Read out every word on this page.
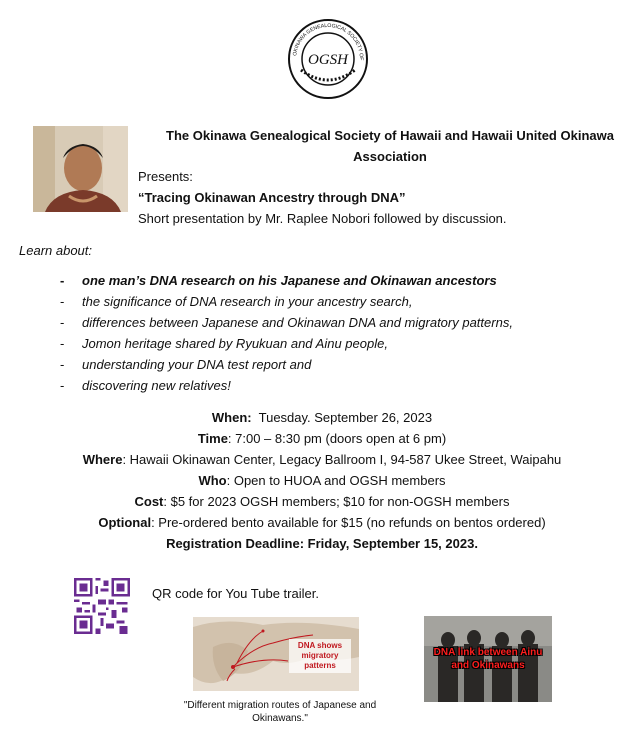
OKINAWA GENEALOGICAL SOCIETY OF
OGSH
The Okinawa Genealogical Society of Hawaii and Hawaii United Okinawa
Association
Presents:
“Tracing Okinawan Ancestry through DNA”
Short presentation by Mr. Raplee Nobori followed by discussion.
Learn about:
- one man’s DNA research on his Japanese and Okinawan ancestors
- the significance of DNA research in your ancestry search,
- differences between Japanese and Okinawan DNA and migratory patterns,
- Jomon heritage shared by Ryukuan and Ainu people,
- understanding your DNA test report and
- discovering new relatives!
When: Tuesday. September 26, 2023
Time: 7:00 – 8:30 pm (doors open at 6 pm)
Where: Hawaii Okinawan Center, Legacy Ballroom I, 94-587 Ukee Street, Waipahu
Who: Open to HUOA and OGSH members
Cost: $5 for 2023 OGSH members; $10 for non-OGSH members
Optional: Pre-ordered bento available for $15 (no refunds on bentos ordered)
Registration Deadline: Friday, September 15, 2023.
QR code for You Tube trailer.
DNA shows migratory patterns
"Different migration routes of Japanese and Okinawans."
DNA link between Ainu and Okinawans
